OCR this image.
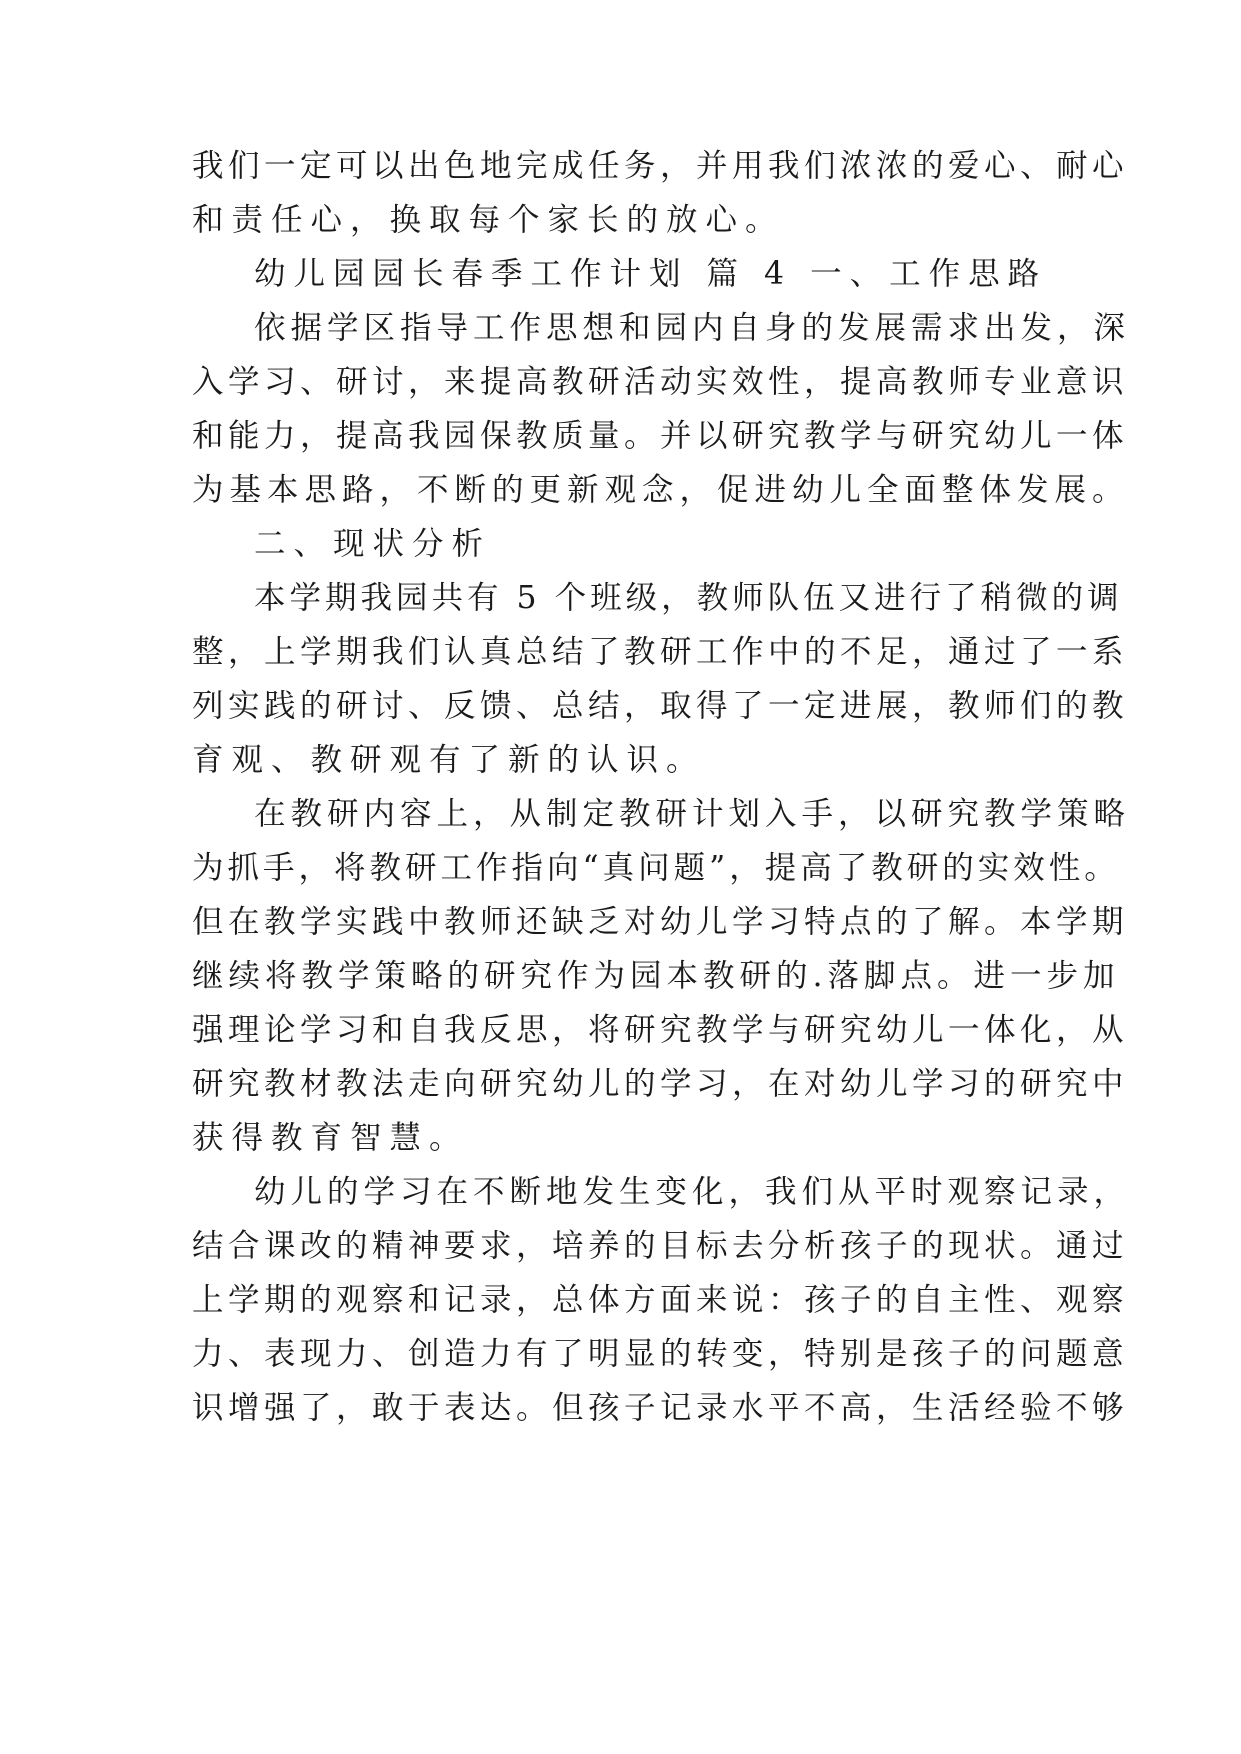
我们一定可以出色地完成任务，并用我们浓浓的爱心、耐心
和责任心，换取每个家长的放心。
幼儿园园长春季工作计划 篇 4 一、工作思路
依据学区指导工作思想和园内自身的发展需求出发，深
入学习、研讨，来提高教研活动实效性，提高教师专业意识
和能力，提高我园保教质量。并以研究教学与研究幼儿一体
为基本思路，不断的更新观念，促进幼儿全面整体发展。
二、现状分析
本学期我园共有 5 个班级，教师队伍又进行了稍微的调
整，上学期我们认真总结了教研工作中的不足，通过了一系
列实践的研讨、反馈、总结，取得了一定进展，教师们的教
育观、教研观有了新的认识。
在教研内容上，从制定教研计划入手，以研究教学策略
为抓手，将教研工作指向“真问题”，提高了教研的实效性。
但在教学实践中教师还缺乏对幼儿学习特点的了解。本学期
继续将教学策略的研究作为园本教研的.落脚点。进一步加
强理论学习和自我反思，将研究教学与研究幼儿一体化，从
研究教材教法走向研究幼儿的学习，在对幼儿学习的研究中
获得教育智慧。
幼儿的学习在不断地发生变化，我们从平时观察记录，
结合课改的精神要求，培养的目标去分析孩子的现状。通过
上学期的观察和记录，总体方面来说：孩子的自主性、观察
力、表现力、创造力有了明显的转变，特别是孩子的问题意
识增强了，敢于表达。但孩子记录水平不高，生活经验不够
